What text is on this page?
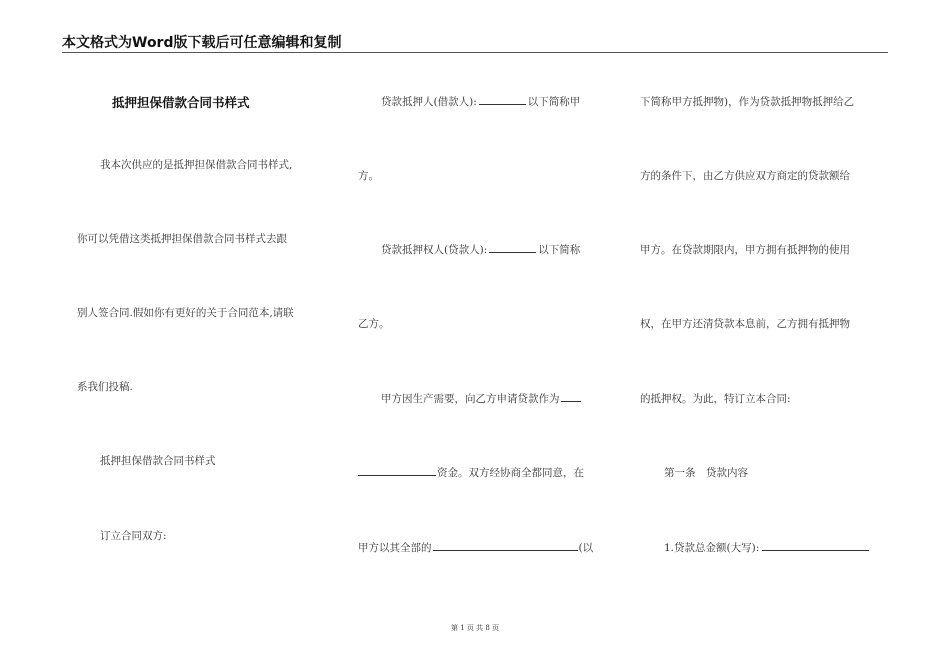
本文格式为Word版下载后可任意编辑和复制
抵押担保借款合同书样式
我本次供应的是抵押担保借款合同书样式,
你可以凭借这类抵押担保借款合同书样式去跟
别人签合同.假如你有更好的关于合同范本,请联
系我们投稿.
抵押担保借款合同书样式
订立合同双方:
贷款抵押人(借款人):	以下简称甲
方。
贷款抵押权人(贷款人):	以下简称
乙方。
甲方因生产需要，向乙方申请贷款作为
资金。双方经协商全都同意，在
甲方以其全部的	(以
下简称甲方抵押物)，作为贷款抵押物抵押给乙
方的条件下，由乙方供应双方商定的贷款额给
甲方。在贷款期限内，甲方拥有抵押物的使用
权，在甲方还清贷款本息前，乙方拥有抵押物
的抵押权。为此，特订立本合同:
第一条　贷款内容
1.贷款总金额(大写):
第 1 页 共 8 页
